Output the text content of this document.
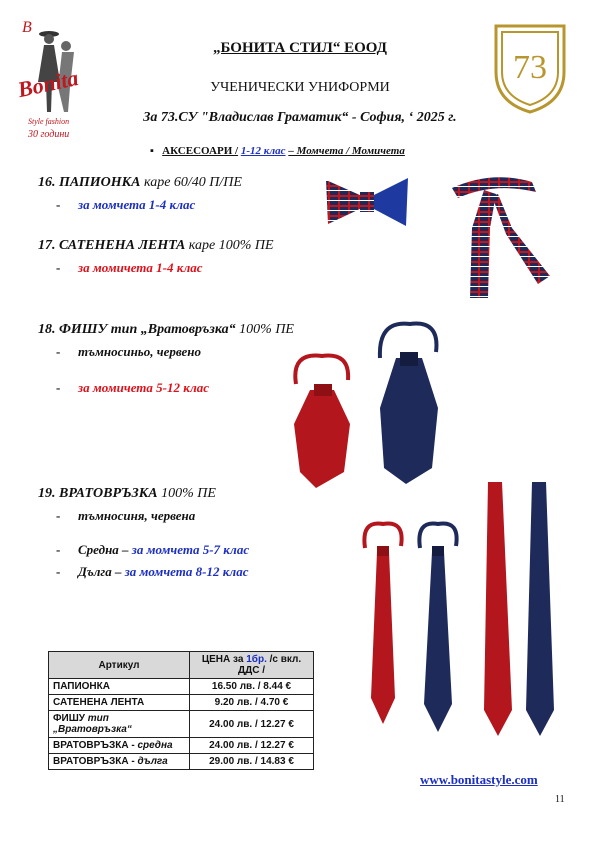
B
Bonita
Style fashion
30 години
73
„БОНИТА СТИЛ“ ЕООД
УЧЕНИЧЕСКИ УНИФОРМИ
За 73.СУ "Владислав Граматик“ - София, ‘ 2025 г.
▪ АКСЕСОАРИ / 1-12 клас – Момчета / Момичета
16. ПАПИОНКА каре 60/40 П/ПЕ
- за момчета 1-4 клас
17. САТЕНЕНА ЛЕНТА каре 100% ПЕ
- за момичета 1-4 клас
18. ФИШУ тип „Вратовръзка“ 100% ПЕ
- тъмносиньо, червено
- за момичета 5-12 клас
19. ВРАТОВРЪЗКА 100% ПЕ
- тъмносиня, червена
- Средна – за момчета 5-7 клас
- Дълга – за момчета 8-12 клас
Артикул	ЦЕНА за 1бр. /с вкл. ДДС /
ПАПИОНКА	16.50 лв. / 8.44 €
САТЕНЕНА ЛЕНТА	9.20 лв. / 4.70 €
ФИШУ тип „Вратовръзка“	24.00 лв. / 12.27 €
ВРАТОВРЪЗКА - средна	24.00 лв. / 12.27 €
ВРАТОВРЪЗКА - дълга	29.00 лв. / 14.83 €
www.bonitastyle.com
11
